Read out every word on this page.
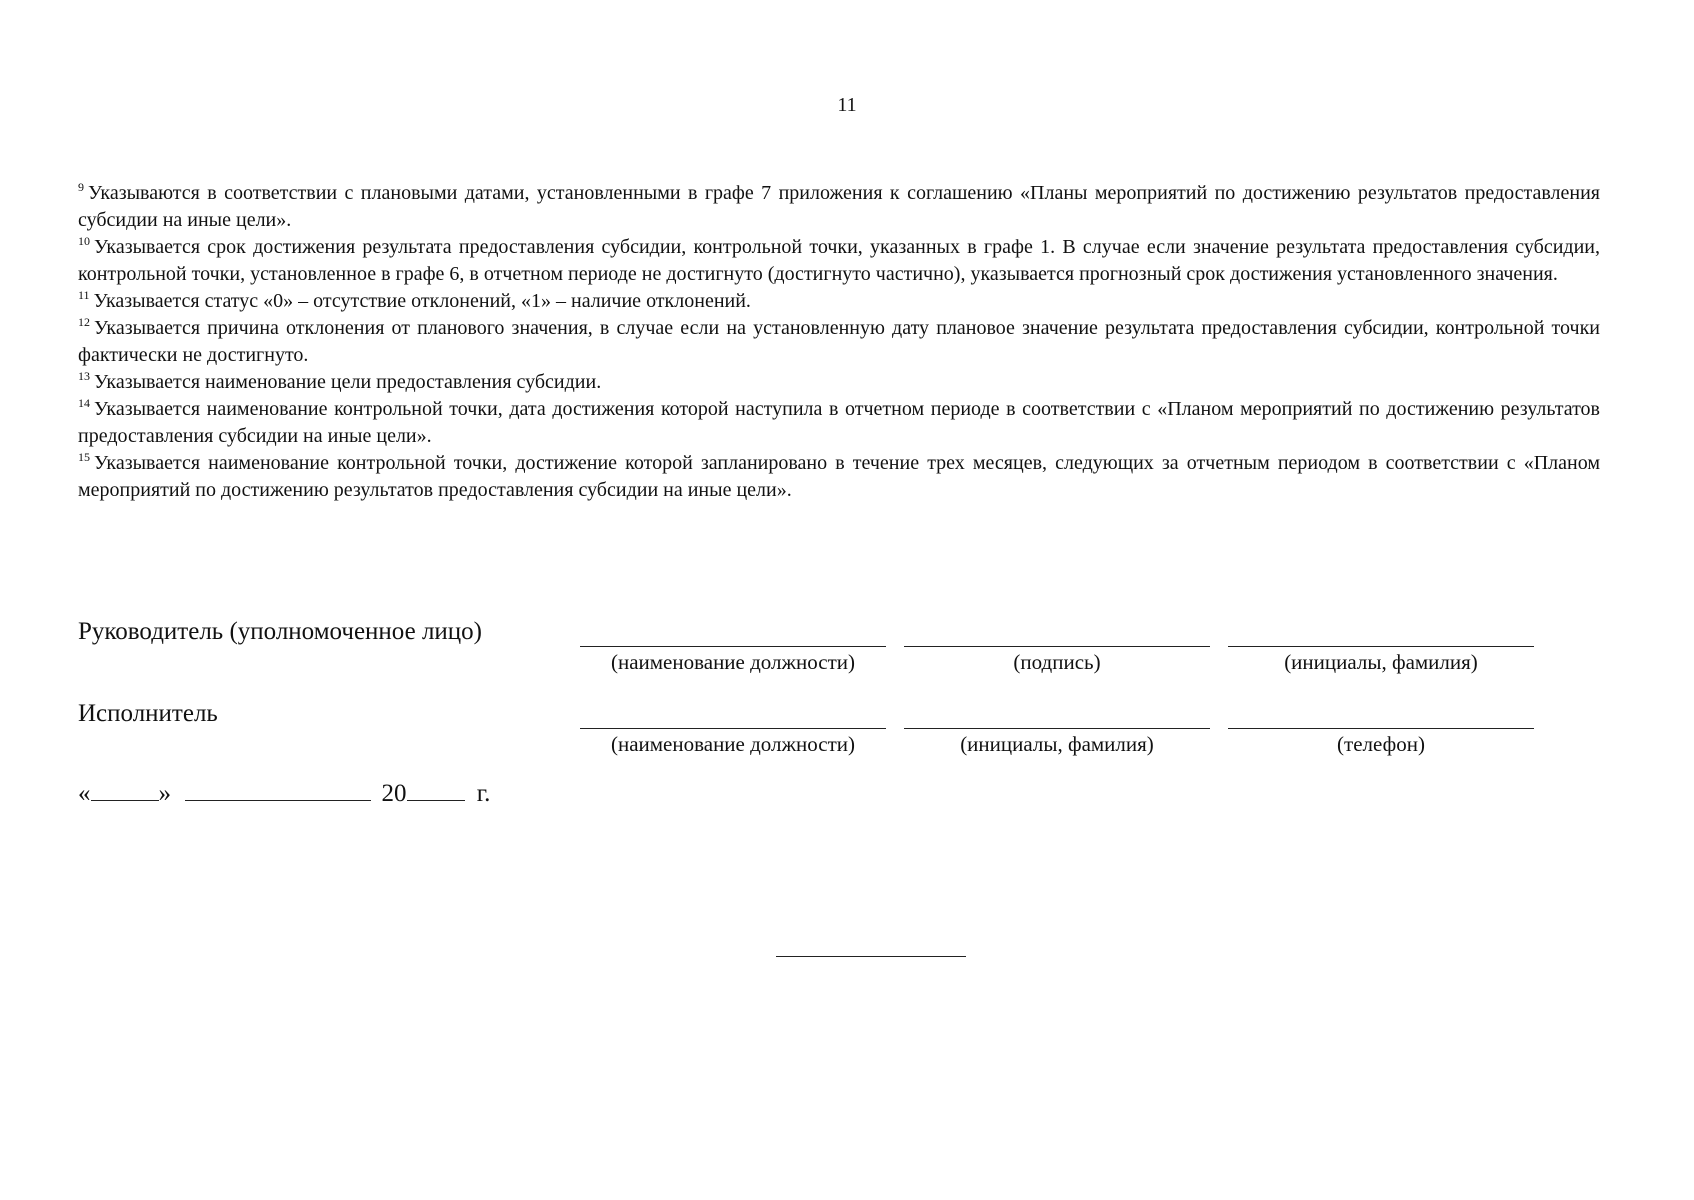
11

$^9$ Указываются в соответствии с плановыми датами, установленными в графе 7 приложения к соглашению «Планы мероприятий по достижению результатов предоставления субсидии на иные цели».

$^{10}$ Указывается срок достижения результата предоставления субсидии, контрольной точки, указанных в графе 1. В случае если значение результата предоставления субсидии, контрольной точки, установленное в графе 6, в отчетном периоде не достигнуто (достигнуто частично), указывается прогнозный срок достижения установленного значения.

$^{11}$ Указывается статус «0» – отсутствие отклонений, «1» – наличие отклонений.

$^{12}$ Указывается причина отклонения от планового значения, в случае если на установленную дату плановое значение результата предоставления субсидии, контрольной точки фактически не достигнуто.

$^{13}$ Указывается наименование цели предоставления субсидии.

$^{14}$ Указывается наименование контрольной точки, дата достижения которой наступила в отчетном периоде в соответствии с «Планом мероприятий по достижению результатов предоставления субсидии на иные цели».

$^{15}$ Указывается наименование контрольной точки, достижение которой запланировано в течение трех месяцев, следующих за отчетным периодом в соответствии с «Планом мероприятий по достижению результатов предоставления субсидии на иные цели».

Руководитель (уполномоченное лицо)
(наименование должности)	(подпись)	(инициалы, фамилия)
Исполнитель
(наименование должности)	(инициалы, фамилия)	(телефон)
«	»	20	г.
